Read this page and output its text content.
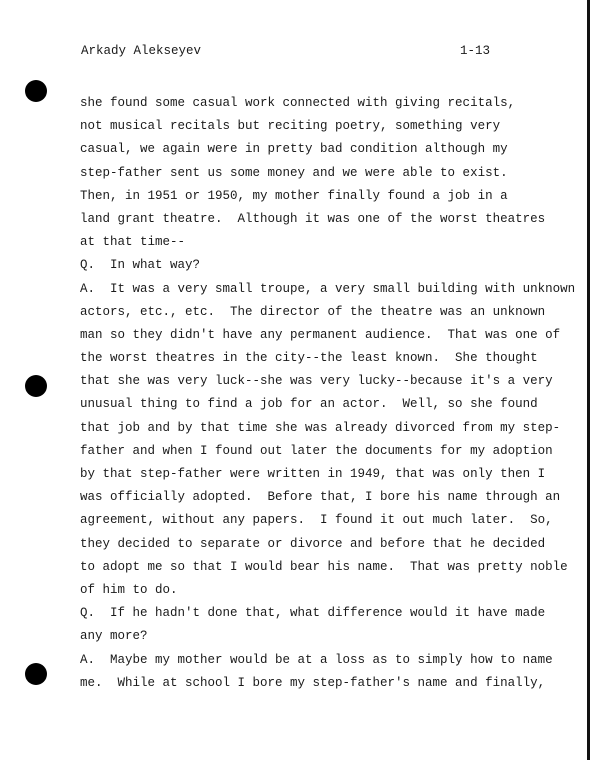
Arkady Alekseyev	1-13
she found some casual work connected with giving recitals,
not musical recitals but reciting poetry, something very
casual, we again were in pretty bad condition although my
step-father sent us some money and we were able to exist.
Then, in 1951 or 1950, my mother finally found a job in a
land grant theatre.  Although it was one of the worst theatres
at that time--
Q.  In what way?
A.  It was a very small troupe, a very small building with unknown
actors, etc., etc.  The director of the theatre was an unknown
man so they didn't have any permanent audience.  That was one of
the worst theatres in the city--the least known.  She thought
that she was very luck--she was very lucky--because it's a very
unusual thing to find a job for an actor.  Well, so she found
that job and by that time she was already divorced from my step-
father and when I found out later the documents for my adoption
by that step-father were written in 1949, that was only then I
was officially adopted.  Before that, I bore his name through an
agreement, without any papers.  I found it out much later.  So,
they decided to separate or divorce and before that he decided
to adopt me so that I would bear his name.  That was pretty noble
of him to do.
Q.  If he hadn't done that, what difference would it have made
any more?
A.  Maybe my mother would be at a loss as to simply how to name
me.  While at school I bore my step-father's name and finally,
